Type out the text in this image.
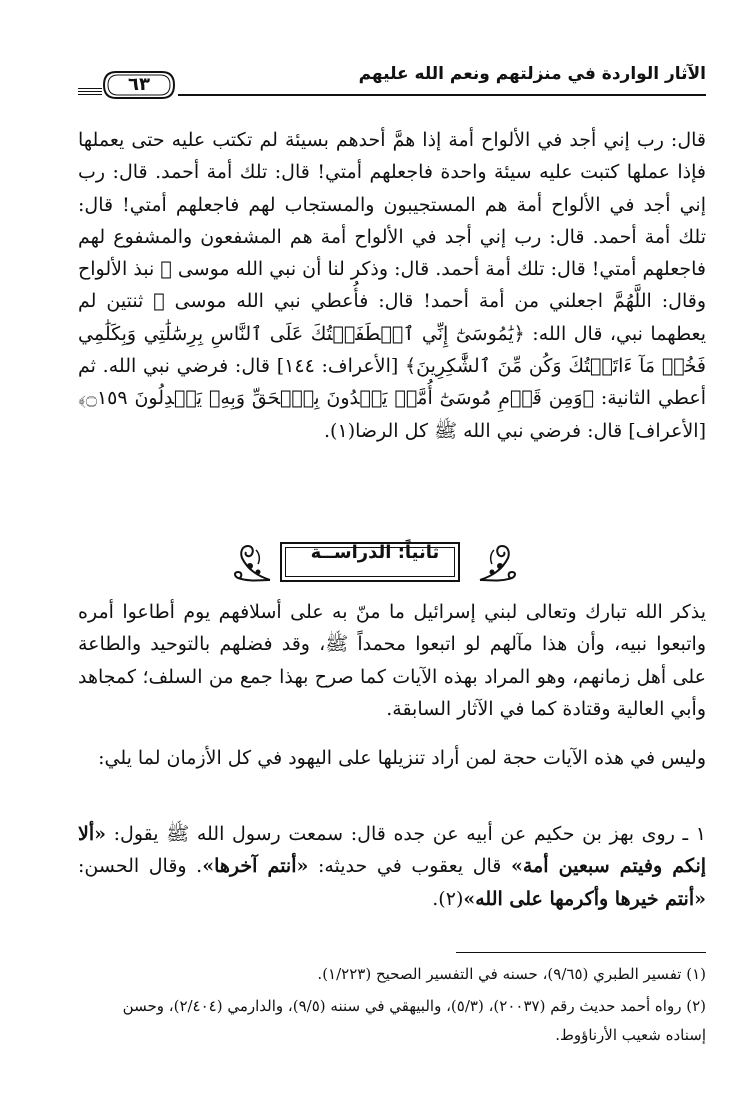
الآثار الواردة في منزلتهم ونعم الله عليهم
٦٣
قال: رب إني أجد في الألواح أمة إذا همَّ أحدهم بسيئة لم تكتب عليه حتى يعملها فإذا عملها كتبت عليه سيئة واحدة فاجعلهم أمتي! قال: تلك أمة أحمد. قال: رب إني أجد في الألواح أمة هم المستجيبون والمستجاب لهم فاجعلهم أمتي! قال: تلك أمة أحمد. قال: رب إني أجد في الألواح أمة هم المشفعون والمشفوع لهم فاجعلهم أمتي! قال: تلك أمة أحمد. قال: وذكر لنا أن نبي الله موسى ﷺ نبذ الألواح وقال: اللَّهُمَّ اجعلني من أمة أحمد! قال: فأُعطي نبي الله موسى ﷺ ثنتين لم يعطهما نبي، قال الله: ﴿يَٰمُوسَىٰٓ إِنِّي ٱصۡطَفَيۡتُكَ عَلَى ٱلنَّاسِ بِرِسَٰلَٰتِي وَبِكَلَٰمِي فَخُذۡ مَآ ءَاتَيۡتُكَ وَكُن مِّنَ ٱلشَّٰكِرِينَ﴾ [الأعراف: ١٤٤] قال: فرضي نبي الله. ثم أعطي الثانية: ﴿وَمِن قَوۡمِ مُوسَىٰٓ أُمَّةٞ يَهۡدُونَ بِٱلۡحَقِّ وَبِهِۦ يَعۡدِلُونَ ۝١٥٩﴾ [الأعراف] قال: فرضي نبي الله ﷺ كل الرضا(١).
ثانياً: الدراســة
يذكر الله تبارك وتعالى لبني إسرائيل ما منّ به على أسلافهم يوم أطاعوا أمره واتبعوا نبيه، وأن هذا مآلهم لو اتبعوا محمداً ﷺ، وقد فضلهم بالتوحيد والطاعة على أهل زمانهم، وهو المراد بهذه الآيات كما صرح بهذا جمع من السلف؛ كمجاهد وأبي العالية وقتادة كما في الآثار السابقة.
وليس في هذه الآيات حجة لمن أراد تنزيلها على اليهود في كل الأزمان لما يلي:
١ ـ روى بهز بن حكيم عن أبيه عن جده قال: سمعت رسول الله ﷺ يقول: «ألا إنكم وفيتم سبعين أمة» قال يعقوب في حديثه: «أنتم آخرها». وقال الحسن: «أنتم خيرها وأكرمها على الله»(٢).
(١) تفسير الطبري (٩/٦٥)، حسنه في التفسير الصحيح (١/٢٢٣).
(٢) رواه أحمد حديث رقم (٢٠٠٣٧)، (٥/٣)، والبيهقي في سننه (٩/٥)، والدارمي (٢/٤٠٤)، وحسن إسناده شعيب الأرناؤوط.
